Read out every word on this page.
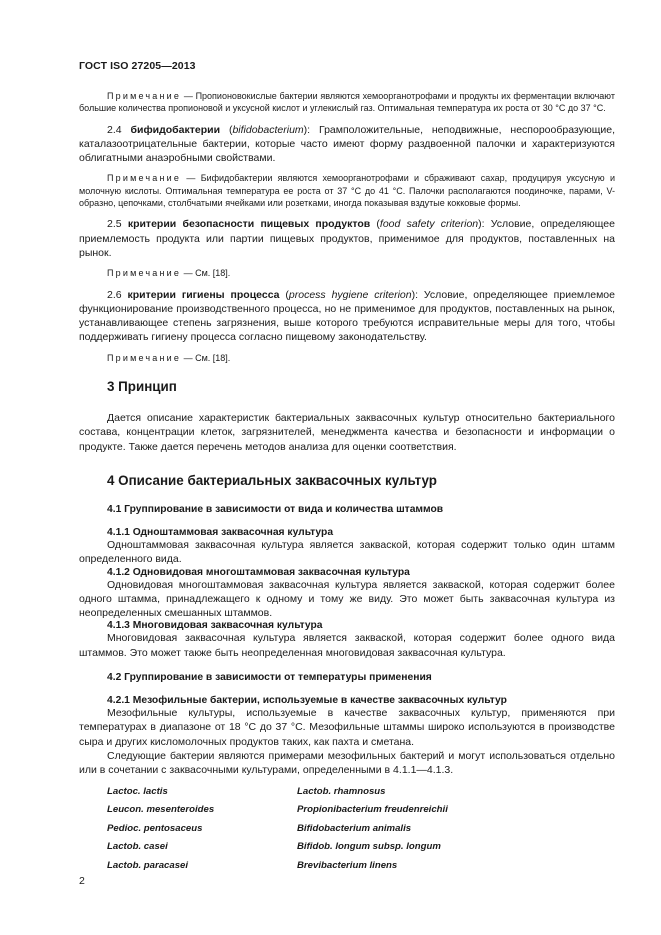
ГОСТ ISO 27205—2013

Примечание — Пропионовокислые бактерии являются хемоорганотрофами и продукты их ферментации включают большие количества пропионовой и уксусной кислот и углекислый газ. Оптимальная температура их роста от 30 °С до 37 °С.

2.4 бифидобактерии (bifidobacterium): Грамположительные, неподвижные, неспорообразующие, каталазоотрицательные бактерии, которые часто имеют форму раздвоенной палочки и характеризуются облигатными анаэробными свойствами.

Примечание — Бифидобактерии являются хемоорганотрофами и сбраживают сахар, продуцируя уксусную и молочную кислоты. Оптимальная температура ее роста от 37 °С до 41 °С. Палочки располагаются поодиночке, парами, V-образно, цепочками, столбчатыми ячейками или розетками, иногда показывая вздутые кокковые формы.

2.5 критерии безопасности пищевых продуктов (food safety criterion): Условие, определяющее приемлемость продукта или партии пищевых продуктов, применимое для продуктов, поставленных на рынок.

Примечание — См. [18].

2.6 критерии гигиены процесса (process hygiene criterion): Условие, определяющее приемлемое функционирование производственного процесса, но не применимое для продуктов, поставленных на рынок, устанавливающее степень загрязнения, выше которого требуются исправительные меры для того, чтобы поддерживать гигиену процесса согласно пищевому законодательству.

Примечание — См. [18].

3 Принцип

Дается описание характеристик бактериальных заквасочных культур относительно бактериального состава, концентрации клеток, загрязнителей, менеджмента качества и безопасности и информации о продукте. Также дается перечень методов анализа для оценки соответствия.

4 Описание бактериальных заквасочных культур
4.1 Группирование в зависимости от вида и количества штаммов
4.1.1 Одноштаммовая заквасочная культура

Одноштаммовая заквасочная культура является закваской, которая содержит только один штамм определенного вида.

4.1.2 Одновидовая многоштаммовая заквасочная культура

Одновидовая многоштаммовая заквасочная культура является закваской, которая содержит более одного штамма, принадлежащего к одному и тому же виду. Это может быть заквасочная культура из неопределенных смешанных штаммов.

4.1.3 Многовидовая заквасочная культура

Многовидовая заквасочная культура является закваской, которая содержит более одного вида штаммов. Это может также быть неопределенная многовидовая заквасочная культура.

4.2 Группирование в зависимости от температуры применения
4.2.1 Мезофильные бактерии, используемые в качестве заквасочных культур

Мезофильные культуры, используемые в качестве заквасочных культур, применяются при температурах в диапазоне от 18 °С до 37 °С. Мезофильные штаммы широко используются в производстве сыра и других кисломолочных продуктов таких, как пахта и сметана.

Следующие бактерии являются примерами мезофильных бактерий и могут использоваться отдельно или в сочетании с заквасочными культурами, определенными в 4.1.1—4.1.3.

Lactoc. lactis
Leucon. mesenteroides
Pedioc. pentosaceus
Lactob. casei
Lactob. paracasei
Lactob. rhamnosus
Propionibacterium freudenreichii
Bifidobacterium animalis
Bifidob. longum subsp. longum
Brevibacterium linens
2
